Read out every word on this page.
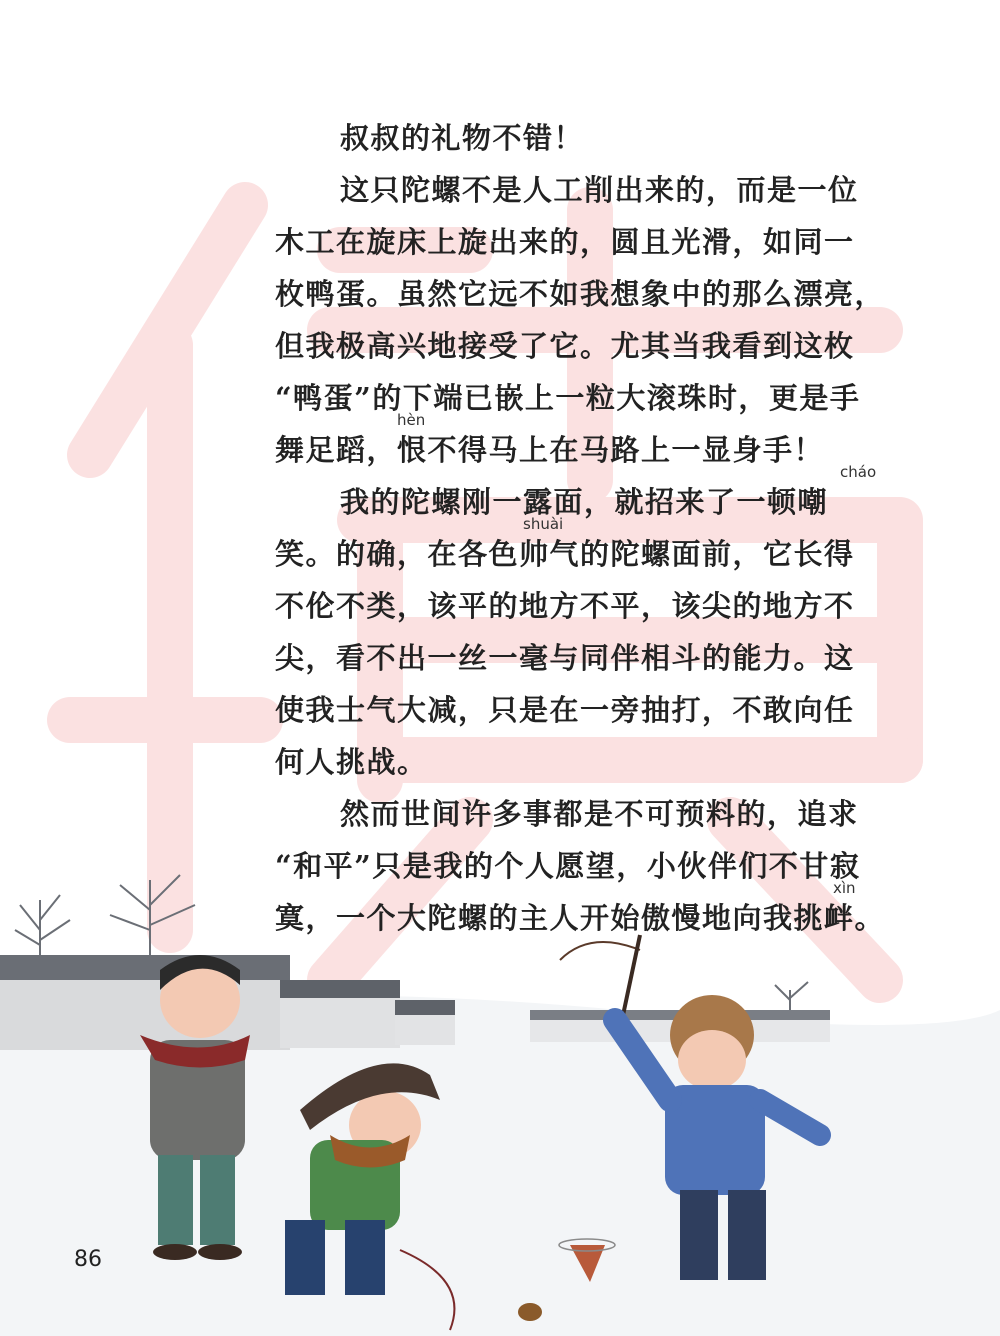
叔叔的礼物不错！
这只陀螺不是人工削出来的，而是一位
木工在旋床上旋出来的，圆且光滑，如同一
枚鸭蛋。虽然它远不如我想象中的那么漂亮，
但我极高兴地接受了它。尤其当我看到这枚
“鸭蛋”的下端已嵌上一粒大滚珠时，更是手
舞足蹈，恨不得马上在马路上一显身手！
hèn
我的陀螺刚一露面，就招来了一顿嘲
cháo
笑。的确，在各色帅气的陀螺面前，它长得
shuài
不伦不类，该平的地方不平，该尖的地方不
尖，看不出一丝一毫与同伴相斗的能力。这
使我士气大减，只是在一旁抽打，不敢向任
何人挑战。
然而世间许多事都是不可预料的，追求
“和平”只是我的个人愿望，小伙伴们不甘寂
寞，一个大陀螺的主人开始傲慢地向我挑衅。
xìn
86
